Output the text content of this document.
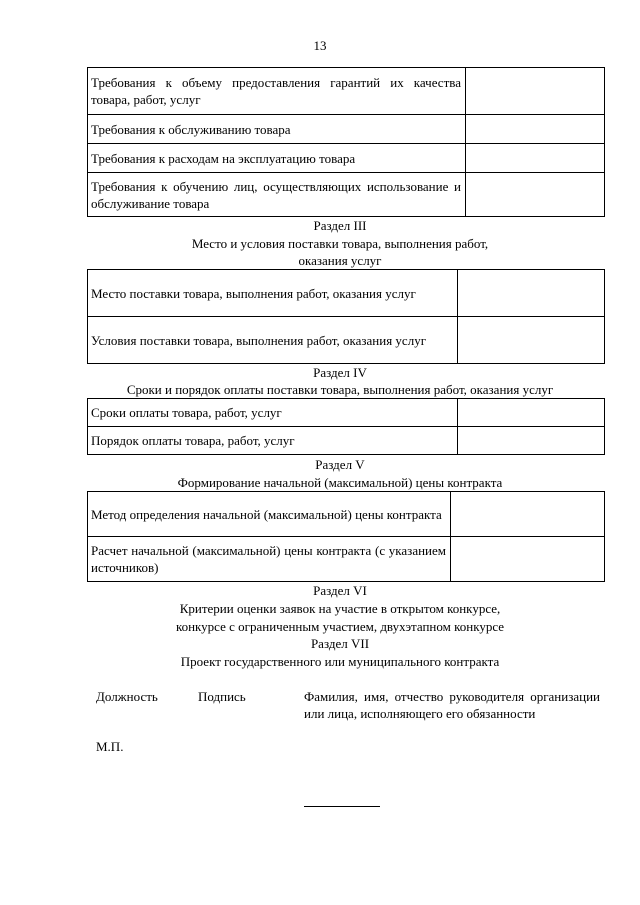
13
Требования к объему предоставления гарантий их качества товара, работ, услуг	
Требования к обслуживанию товара	
Требования к расходам на эксплуатацию товара	
Требования к обучению лиц, осуществляющих использование и обслуживание товара	
Раздел III
Место и условия поставки товара, выполнения работ,
оказания услуг
Место поставки товара, выполнения работ, оказания услуг	
Условия поставки товара, выполнения работ, оказания услуг	
Раздел IV
Сроки и порядок оплаты поставки товара, выполнения работ, оказания услуг
Сроки оплаты товара, работ, услуг	
Порядок оплаты товара, работ, услуг	
Раздел V
Формирование начальной (максимальной) цены контракта
Метод определения начальной (максимальной) цены контракта	
Расчет начальной (максимальной) цены контракта (с указанием источников)	
Раздел VI
Критерии оценки заявок на участие в открытом конкурсе,
конкурсе с ограниченным участием, двухэтапном конкурсе
Раздел VII
Проект государственного или муниципального контракта
Должность	Подпись	Фамилия, имя, отчество руководителя организации или лица, исполняющего его обязанности
М.П.
